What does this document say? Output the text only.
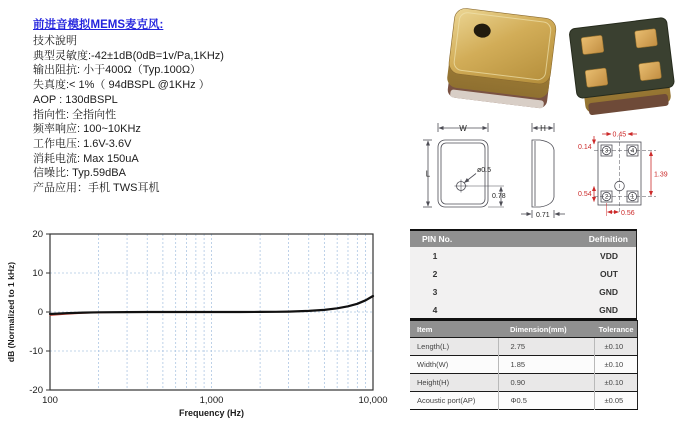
前进音模拟MEMS麦克风:
技术說明
典型灵敏度:-42±1dB(0dB=1v/Pa,1KHz)
输出阻抗: 小于400Ω（Typ.100Ω）
失真度:< 1%（ 94dBSPL @1KHz ）
AOP : 130dBSPL
指向性: 全指向性
频率响应: 100~10KHz
工作电压: 1.6V-3.6V
消耗电流: Max 150uA
信噪比: Typ.59dBA
产品应用：手机 TWS耳机
W
L
H
ø0.5
0.78
0.71
0.45
0.14
1.39
0.54
0.56
3	4
2	1
20
10
0
-10
-20
100	1,000	10,000
Frequency (Hz)
dB (Normalized to 1 kHz)
PIN No.	Definition
1	VDD
2	OUT
3	GND
4	GND
Item	Dimension(mm)	Tolerance
Length(L)	2.75	±0.10
Width(W)	1.85	±0.10
Height(H)	0.90	±0.10
Acoustic port(AP)	Φ0.5	±0.05
